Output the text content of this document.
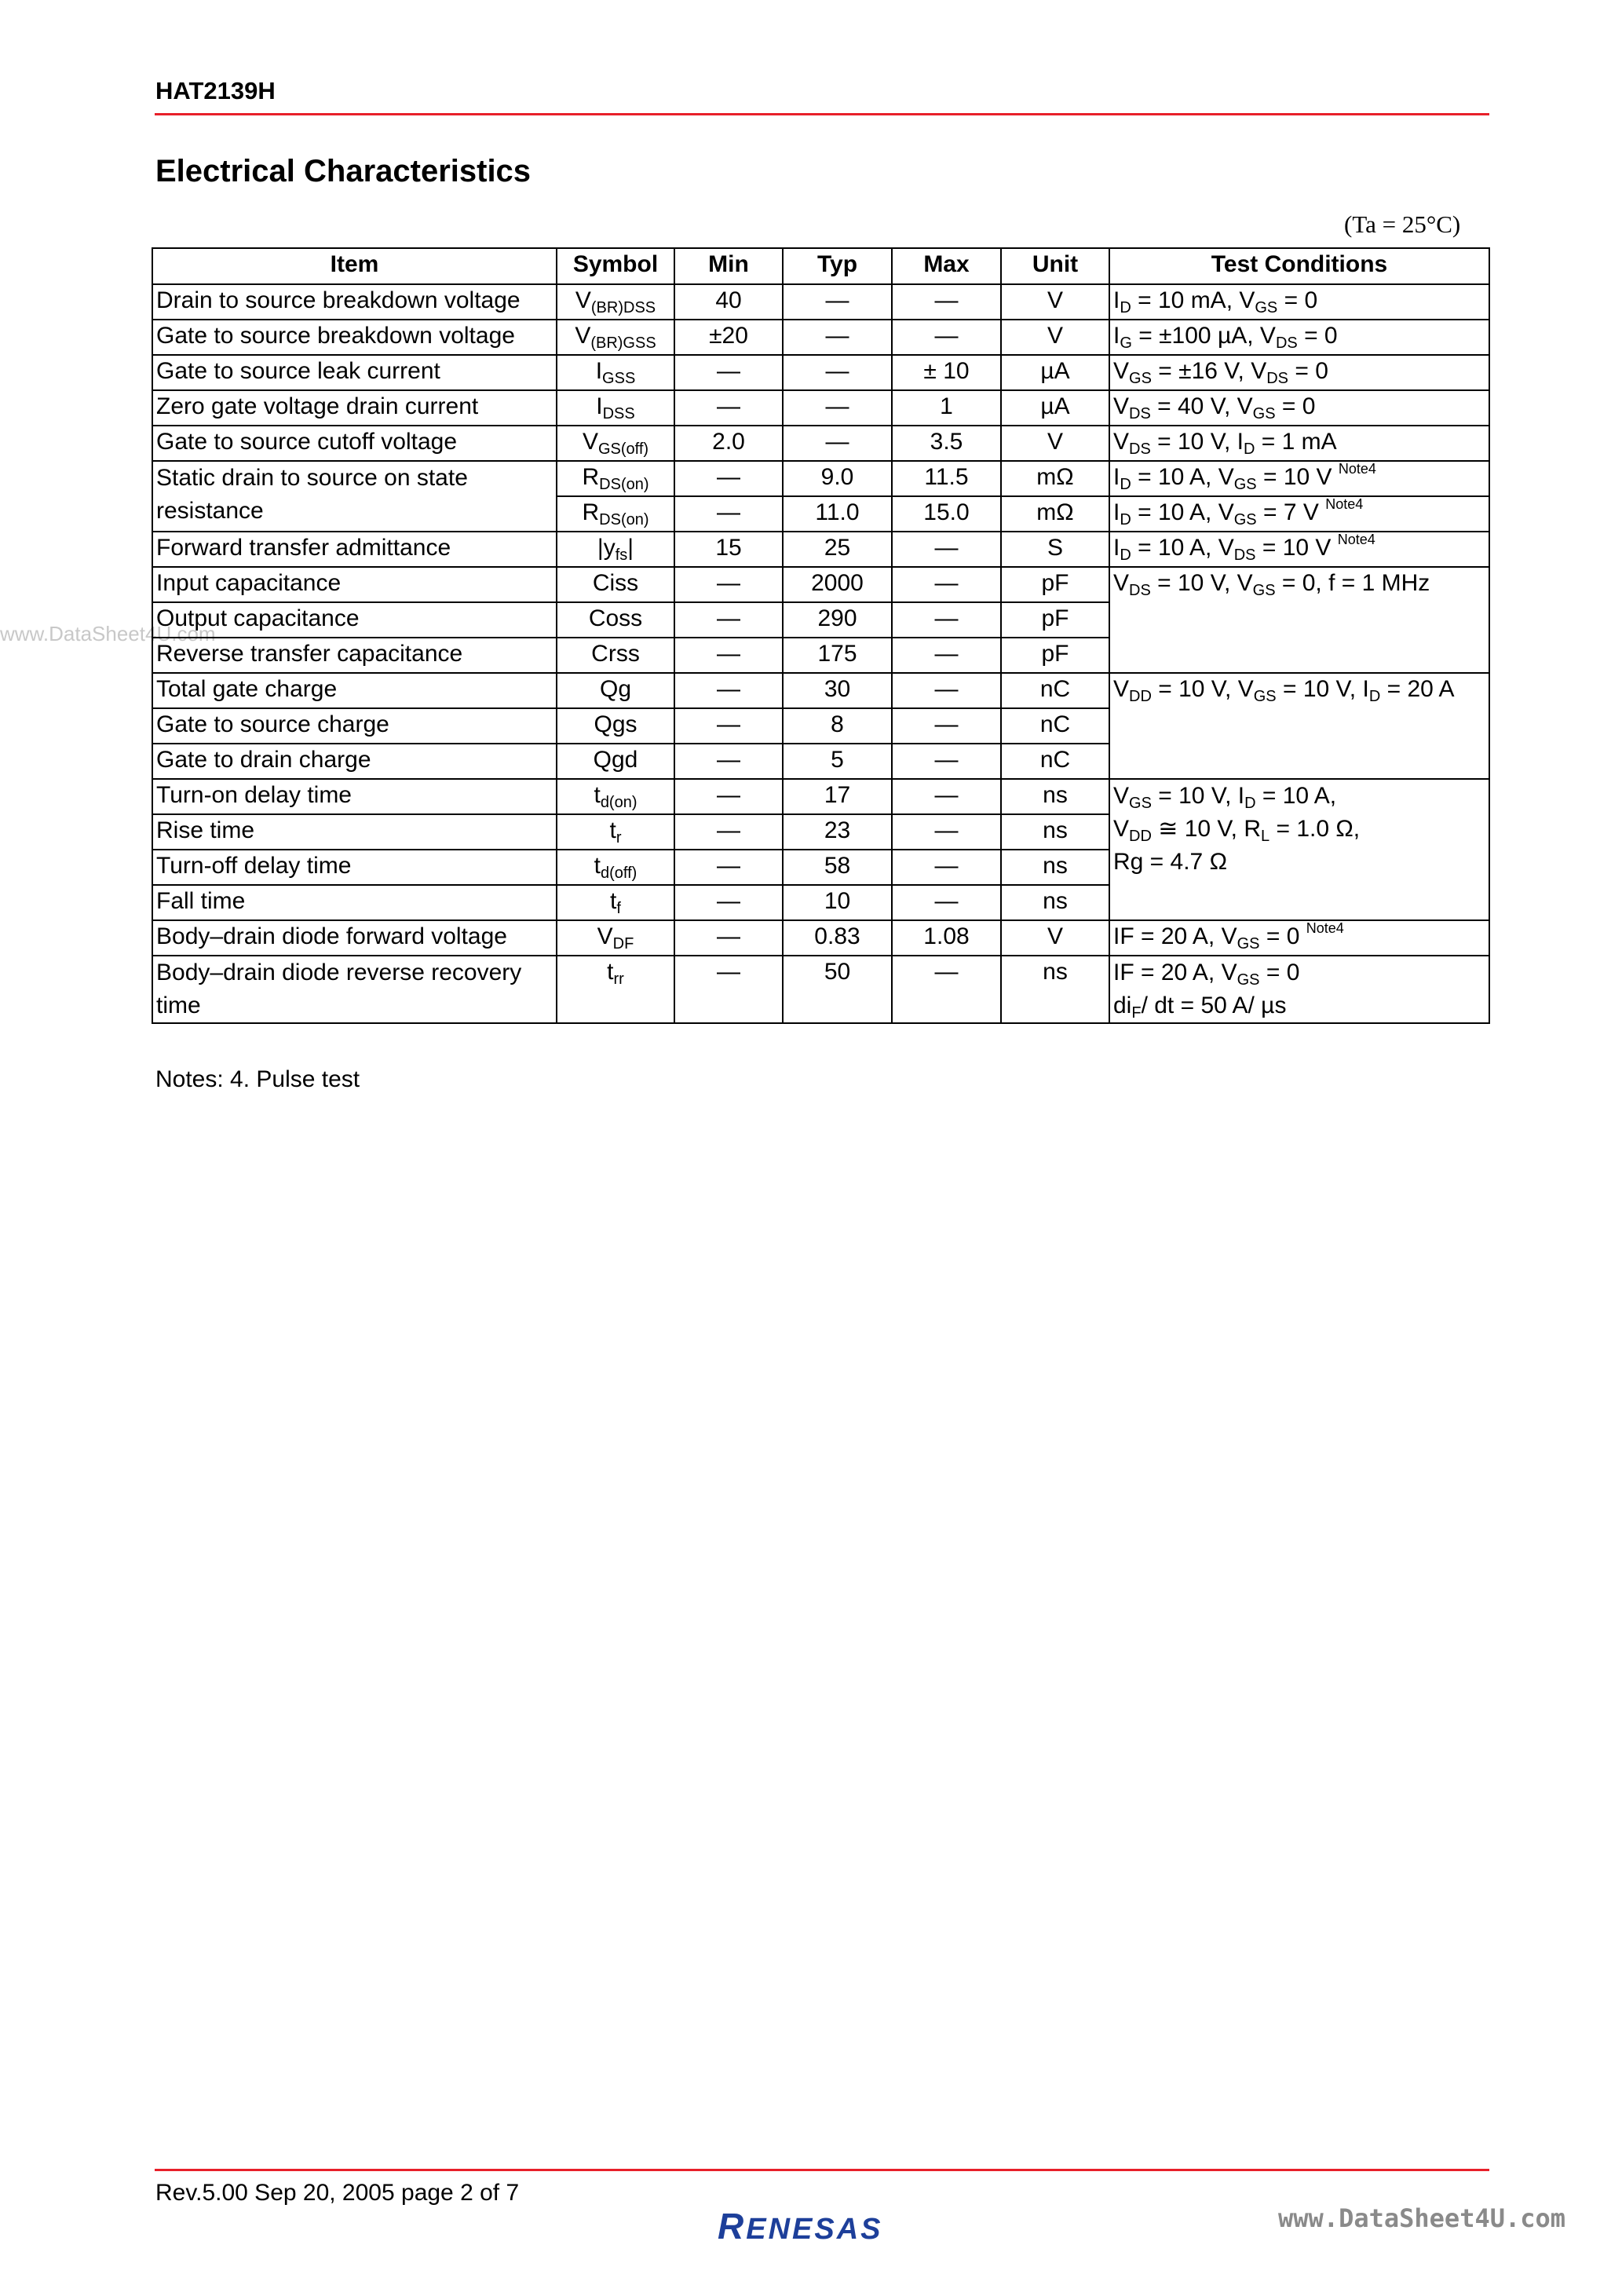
HAT2139H
Electrical Characteristics
(Ta = 25°C)
www.DataSheet4U.com
Item	Symbol	Min	Typ	Max	Unit	Test Conditions
Drain to source breakdown voltage	$V_{(BR)DSS}$	40	—	—	V	$I_D = 10$ mA, $V_{GS} = 0$
Gate to source breakdown voltage	$V_{(BR)GSS}$	±20	—	—	V	$I_G = \pm 100$ µA, $V_{DS} = 0$
Gate to source leak current	$I_{GSS}$	—	—	± 10	µA	$V_{GS} = \pm 16$ V, $V_{DS} = 0$
Zero gate voltage drain current	$I_{DSS}$	—	—	1	µA	$V_{DS} = 40$ V, $V_{GS} = 0$
Gate to source cutoff voltage	$V_{GS(off)}$	2.0	—	3.5	V	$V_{DS} = 10$ V, $I_D = 1$ mA
Static drain to source on state resistance	$R_{DS(on)}$	—	9.0	11.5	mΩ	$I_D = 10$ A, $V_{GS} = 10$ V $^{Note4}$
	$R_{DS(on)}$	—	11.0	15.0	mΩ	$I_D = 10$ A, $V_{GS} = 7$ V $^{Note4}$
Forward transfer admittance	$|y_{fs}|$	15	25	—	S	$I_D = 10$ A, $V_{DS} = 10$ V $^{Note4}$
Input capacitance	Ciss	—	2000	—	pF	$V_{DS} = 10$ V, $V_{GS} = 0$, f = 1 MHz
Output capacitance	Coss	—	290	—	pF	
Reverse transfer capacitance	Crss	—	175	—	pF	
Total gate charge	Qg	—	30	—	nC	$V_{DD} = 10$ V, $V_{GS} = 10$ V, $I_D = 20$ A
Gate to source charge	Qgs	—	8	—	nC	
Gate to drain charge	Qgd	—	5	—	nC	
Turn-on delay time	$t_{d(on)}$	—	17	—	ns	$V_{GS} = 10$ V, $I_D = 10$ A,
$V_{DD}$ ≅ 10 V, $R_L = 1.0$ Ω,
Rg = 4.7 Ω

Rise time	$t_r$	—	23	—	ns	
Turn-off delay time	$t_{d(off)}$	—	58	—	ns	
Fall time	$t_f$	—	10	—	ns	
Body–drain diode forward voltage	$V_{DF}$	—	0.83	1.08	V	IF = 20 A, $V_{GS} = 0$ $^{Note4}$
Body–drain diode reverse recovery time	$t_{rr}$	—	50	—	ns	IF = 20 A, $V_{GS} = 0$
$di_F/$ dt = 50 A/ µs
Notes: 4. Pulse test
Rev.5.00 Sep 20, 2005 page 2 of 7
RENESAS	www.DataSheet4U.com
